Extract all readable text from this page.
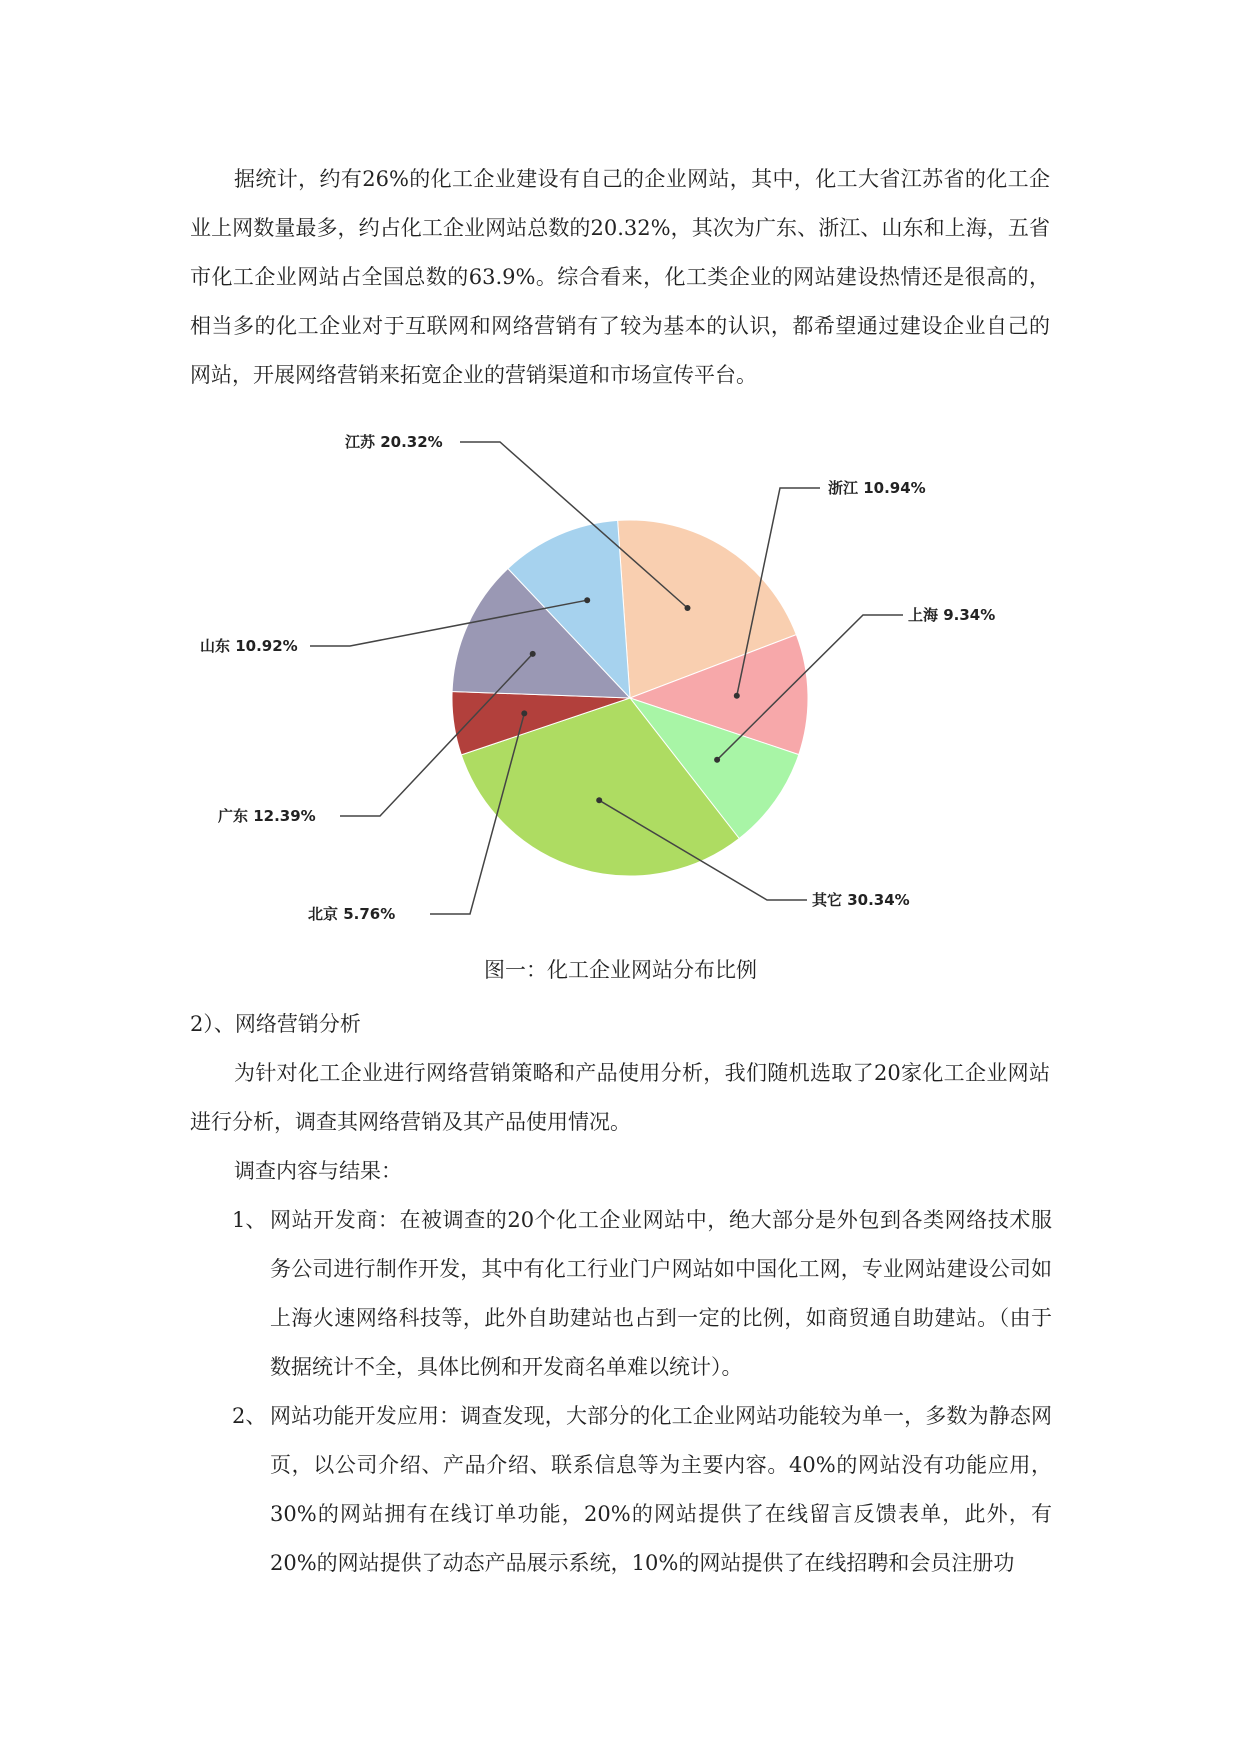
据统计，约有26%的化工企业建设有自己的企业网站，其中，化工大省江苏省的化工企业上网数量最多，约占化工企业网站总数的20.32%，其次为广东、浙江、山东和上海，五省市化工企业网站占全国总数的63.9%。综合看来，化工类企业的网站建设热情还是很高的，相当多的化工企业对于互联网和网络营销有了较为基本的认识，都希望通过建设企业自己的网站，开展网络营销来拓宽企业的营销渠道和市场宣传平台。

江苏 20.32%
浙江 10.94%
上海 9.34%
其它 30.34%
北京 5.76%
广东 12.39%
山东 10.92%

图一：化工企业网站分布比例

2）、网络营销分析

为针对化工企业进行网络营销策略和产品使用分析，我们随机选取了20家化工企业网站进行分析，调查其网络营销及其产品使用情况。

调查内容与结果：

1、 网站开发商：在被调查的20个化工企业网站中，绝大部分是外包到各类网络技术服务公司进行制作开发，其中有化工行业门户网站如中国化工网，专业网站建设公司如上海火速网络科技等，此外自助建站也占到一定的比例，如商贸通自助建站。（由于数据统计不全，具体比例和开发商名单难以统计）。
2、 网站功能开发应用：调查发现，大部分的化工企业网站功能较为单一，多数为静态网页，以公司介绍、产品介绍、联系信息等为主要内容。40%的网站没有功能应用，30%的网站拥有在线订单功能，20%的网站提供了在线留言反馈表单，此外，有20%的网站提供了动态产品展示系统，10%的网站提供了在线招聘和会员注册功
